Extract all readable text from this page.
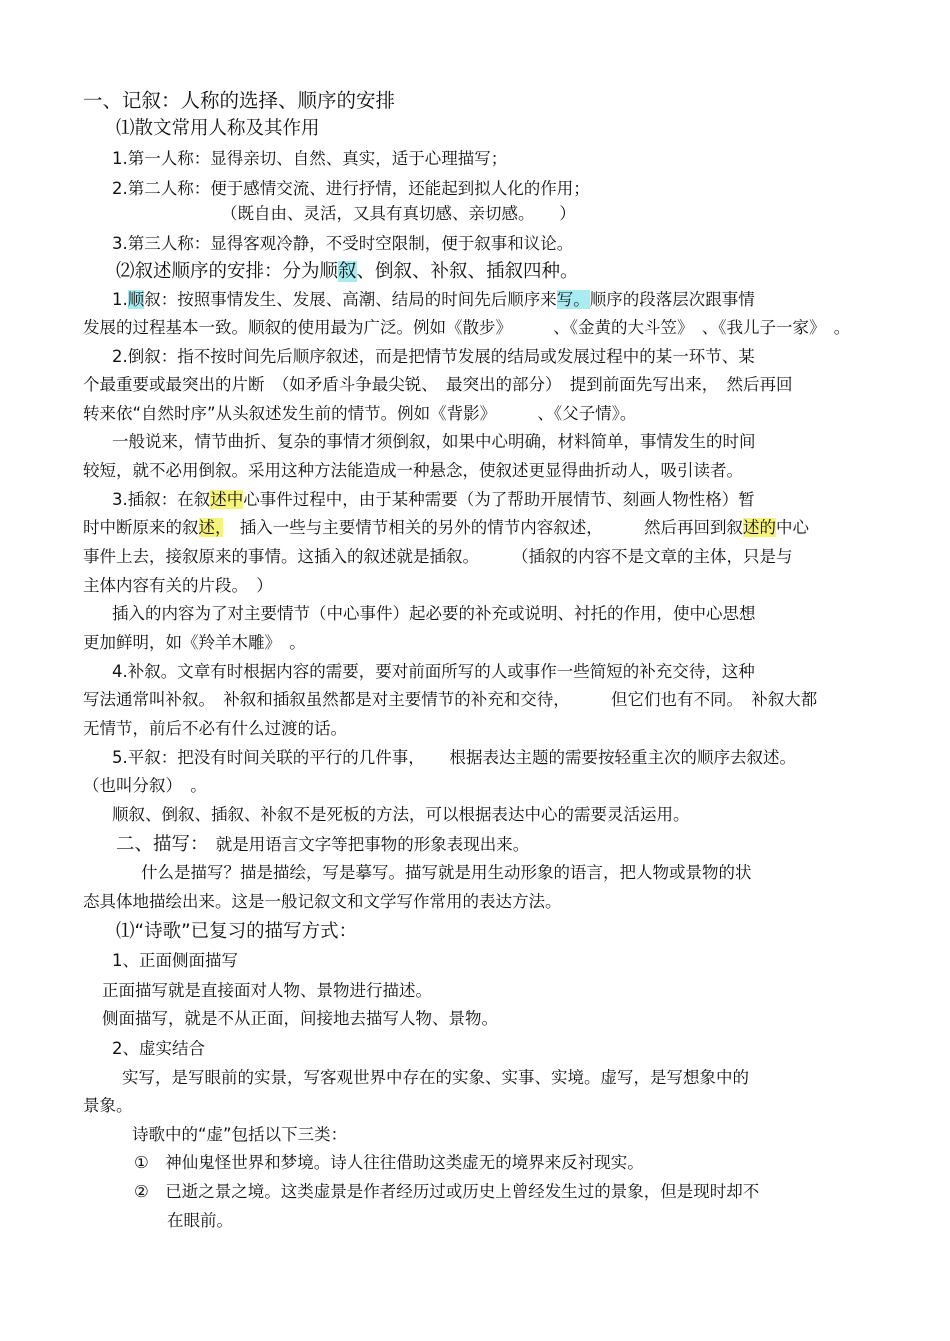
一、记叙：人称的选择、顺序的安排
⑴散文常用人称及其作用
1.第一人称：显得亲切、自然、真实，适于心理描写；
2.第二人称：便于感情交流、进行抒情，还能起到拟人化的作用；
（既自由、灵活，又具有真切感、亲切感。　　）
3.第三人称：显得客观冷静，不受时空限制，便于叙事和议论。
⑵叙述顺序的安排：分为顺叙、倒叙、补叙、插叙四种。
1.顺叙：按照事情发生、发展、高潮、结局的时间先后顺序来写。顺序的段落层次跟事情
发展的过程基本一致。顺叙的使用最为广泛。例如《散步》　　　、《金黄的大斗笠》　、《我儿子一家》　。
2.倒叙：指不按时间先后顺序叙述，而是把情节发展的结局或发展过程中的某一环节、某
个最重要或最突出的片断　（如矛盾斗争最尖锐、　最突出的部分）　提到前面先写出来，　然后再回
转来依“自然时序”从头叙述发生前的情节。例如《背影》　　　、《父子情》。
一般说来，情节曲折、复杂的事情才须倒叙，如果中心明确，材料简单，事情发生的时间
较短，就不必用倒叙。采用这种方法能造成一种悬念，使叙述更显得曲折动人，吸引读者。
3.插叙：在叙述中心事件过程中，由于某种需要（为了帮助开展情节、刻画人物性格）暂
时中断原来的叙述，　插入一些与主要情节相关的另外的情节内容叙述，　　　然后再回到叙述的中心
事件上去，接叙原来的事情。这插入的叙述就是插叙。　　　（插叙的内容不是文章的主体，只是与
主体内容有关的片段。　）
插入的内容为了对主要情节（中心事件）起必要的补充或说明、衬托的作用，使中心思想
更加鲜明，如《羚羊木雕》　。
4.补叙。文章有时根据内容的需要，要对前面所写的人或事作一些简短的补充交待，这种
写法通常叫补叙。　补叙和插叙虽然都是对主要情节的补充和交待，　　　但它们也有不同。　补叙大都
无情节，前后不必有什么过渡的话。
5.平叙：把没有时间关联的平行的几件事，　　根据表达主题的需要按轻重主次的顺序去叙述。
（也叫分叙）　。
顺叙、倒叙、插叙、补叙不是死板的方法，可以根据表达中心的需要灵活运用。
二、描写：　就是用语言文字等把事物的形象表现出来。
什么是描写？描是描绘，写是摹写。描写就是用生动形象的语言，把人物或景物的状
态具体地描绘出来。这是一般记叙文和文学写作常用的表达方法。
⑴“诗歌”已复习的描写方式：
1、正面侧面描写
正面描写就是直接面对人物、景物进行描述。
侧面描写，就是不从正面，间接地去描写人物、景物。
2、虚实结合
实写，是写眼前的实景，写客观世界中存在的实象、实事、实境。虚写，是写想象中的
景象。
诗歌中的“虚”包括以下三类：
①　神仙鬼怪世界和梦境。诗人往往借助这类虚无的境界来反衬现实。
②　已逝之景之境。这类虚景是作者经历过或历史上曾经发生过的景象，但是现时却不
在眼前。
